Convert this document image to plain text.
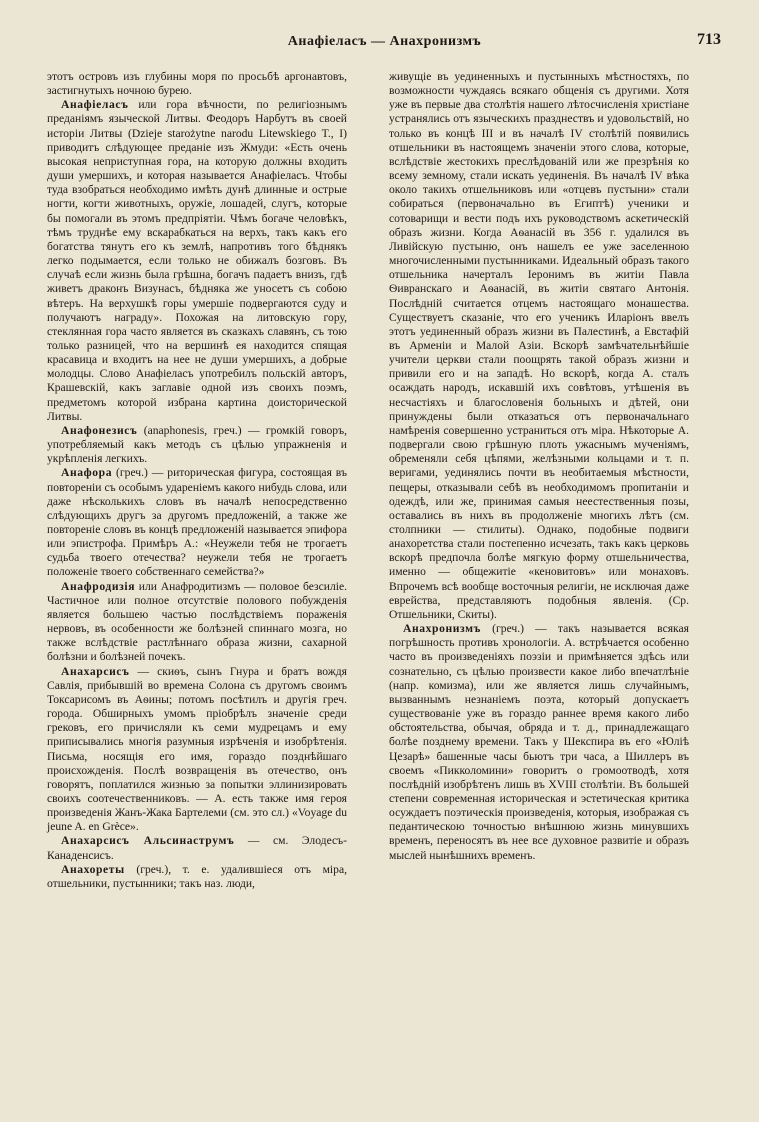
Анафіеласъ — Анахронизмъ	713

этотъ островъ изъ глубины моря по просьбѣ аргонавтовъ, застигнутыхъ ночною бурею.

Анафіеласъ или гора вѣчности, по религіознымъ преданіямъ языческой Литвы. Феодоръ Нарбутъ въ своей исторіи Литвы (Dzieje starożytne narodu Litewskiego T., I) приводитъ слѣдующее преданіе изъ Жмуди: «Есть очень высокая неприступная гора, на которую должны входить души умершихъ, и которая называется Анафіеласъ. Чтобы туда взобраться необходимо имѣть дунѣ длинные и острые ногти, когти животныхъ, оружіе, лошадей, слугъ, которые бы помогали въ этомъ предпріятіи. Чѣмъ богаче человѣкъ, тѣмъ труднѣе ему вскарабкаться на верхъ, такъ какъ его богатства тянутъ его къ землѣ, напротивъ того бѣднякъ легко подымается, если только не обижалъ бозговъ. Въ случаѣ если жизнь была грѣшна, богачъ падаетъ внизъ, гдѣ живетъ драконъ Визунасъ, бѣдняка же уносетъ съ собою вѣтеръ. На верхушкѣ горы умершіе подвергаются суду и получаютъ награду». Похожая на литовскую гору, стеклянная гора часто является въ сказкахъ славянъ, съ тою только разницей, что на вершинѣ ея находится спящая красавица и входитъ на нее не души умершихъ, а добрые молодцы. Слово Анафіеласъ употребилъ польскій авторъ, Крашевскій, какъ заглавіе одной изъ своихъ поэмъ, предметомъ которой избрана картина доисторической Литвы.

Анафонезисъ (anaphonesis, греч.) — громкій говоръ, употребляемый какъ методъ съ цѣлью упражненія и укрѣпленія легкихъ.

Анафора (греч.) — риторическая фигура, состоящая въ повтореніи съ особымъ удареніемъ какого нибудь слова, или даже нѣсколькихъ словъ въ началѣ непосредственно слѣдующихъ другъ за другомъ предложеній, а также же повтореніе словъ въ концѣ предложеній называется эпифора или эпистрофа. Примѣръ А.: «Неужели тебя не трогаетъ судьба твоего отечества? неужели тебя не трогаетъ положеніе твоего собственнаго семейства?»

Анафродизія или Анафродитизмъ — половое безсиліе. Частичное или полное отсутствіе полового побужденія является большею частью послѣдствіемъ пораженія нервовъ, въ особенности же болѣзней спиннаго мозга, но также вслѣдствіе растлѣннаго образа жизни, сахарной болѣзни и болѣзней почекъ.

Анахарсисъ — скиѳъ, сынъ Гнура и братъ вождя Савлія, прибывшій во времена Солона съ другомъ своимъ Токсарисомъ въ Аѳины; потомъ посѣтилъ и другія греч. города. Обширныхъ умомъ пріобрѣлъ значеніе среди грековъ, его причисляли къ семи мудрецамъ и ему приписывались многія разумныя изрѣченія и изобрѣтенія. Письма, носящія его имя, гораздо позднѣйшаго происхожденія. Послѣ возвращенія въ отечество, онъ говорятъ, поплатился жизнью за попытки эллинизировать своихъ соотечественниковъ. — А. есть также имя героя произведенія Жанъ-Жака Бартелеми (см. это сл.) «Voyage du jeune A. en Grèce».

Анахарсисъ Альсинаструмъ — см. Элодесъ-Канаденсисъ.

Анахореты (греч.), т. е. удалившіеся отъ міра, отшельники, пустынники; такъ наз. люди,

живущіе въ уединенныхъ и пустынныхъ мѣстностяхъ, по возможности чуждаясь всякаго общенія съ другими. Хотя уже въ первые два столѣтія нашего лѣтосчисленія христіане устранялись отъ языческихъ празднествъ и удовольствій, но только въ концѣ III и въ началѣ IV столѣтій появились отшельники въ настоящемъ значеніи этого слова, которые, вслѣдствіе жестокихъ преслѣдованій или же презрѣнія ко всему земному, стали искать уединенія. Въ началѣ IV вѣка около такихъ отшельниковъ или «отцевъ пустыни» стали собираться (первоначально въ Египтѣ) ученики и сотоварищи и вести подъ ихъ руководствомъ аскетическій образъ жизни. Когда Аѳанасій въ 356 г. удалился въ Ливійскую пустыню, онъ нашелъ ее уже заселенною многочисленными пустынниками. Идеальный образъ такого отшельника начерталъ Іеронимъ въ житіи Павла Ѳивранскаго и Аѳанасій, въ житіи святаго Антонія. Послѣдній считается отцемъ настоящаго монашества. Существуетъ сказаніе, что его ученикъ Иларіонъ ввелъ этотъ уединенный образъ жизни въ Палестинѣ, а Евстафій въ Арменіи и Малой Азіи. Вскорѣ замѣчательнѣйшіе учители церкви стали поощрять такой образъ жизни и привили его и на западѣ. Но вскорѣ, когда А. сталъ осаждать народъ, искавшій ихъ совѣтовъ, утѣшенія въ несчастіяхъ и благословенія больныхъ и дѣтей, они принуждены были отказаться отъ первоначальнаго намѣренія совершенно устраниться отъ міра. Нѣкоторые А. подвергали свою грѣшную плоть ужаснымъ мученіямъ, обременяли себя цѣпями, желѣзными кольцами и т. п. веригами, уединялись почти въ необитаемыя мѣстности, пещеры, отказывали себѣ въ необходимомъ пропитаніи и одеждѣ, или же, принимая самыя неестественныя позы, оставались въ нихъ въ продолженіе многихъ лѣтъ (см. столпники — стилиты). Однако, подобные подвиги анахоретства стали постепенно исчезать, такъ какъ церковь вскорѣ предпочла болѣе мягкую форму отшельничества, именно — общежитіе «кеновитовъ» или монаховъ. Впрочемъ всѣ вообще восточныя религіи, не исключая даже еврейства, представляютъ подобныя явленія. (Ср. Отшельники, Скиты).

Анахронизмъ (греч.) — такъ называется всякая погрѣшность противъ хронологіи. А. встрѣчается особенно часто въ произведеніяхъ поэзіи и примѣняется здѣсь или сознательно, съ цѣлью произвести какое либо впечатлѣніе (напр. комизма), или же является лишь случайнымъ, вызваннымъ незнаніемъ поэта, который допускаетъ существованіе уже въ гораздо раннее время какого либо обстоятельства, обычая, обряда и т. д., принадлежащаго болѣе позднему времени. Такъ у Шекспира въ его «Юліѣ Цезарѣ» башенные часы бьютъ три часа, а Шиллеръ въ своемъ «Пикколомини» говоритъ о громоотводѣ, хотя послѣдній изобрѣтенъ лишь въ XVIII столѣтіи. Въ большей степени современная историческая и эстетическая критика осуждаетъ поэтическія произведенія, которыя, изображая съ педантическою точностью внѣшнюю жизнь минувшихъ временъ, переносятъ въ нее все духовное развитіе и образъ мыслей нынѣшнихъ временъ.
